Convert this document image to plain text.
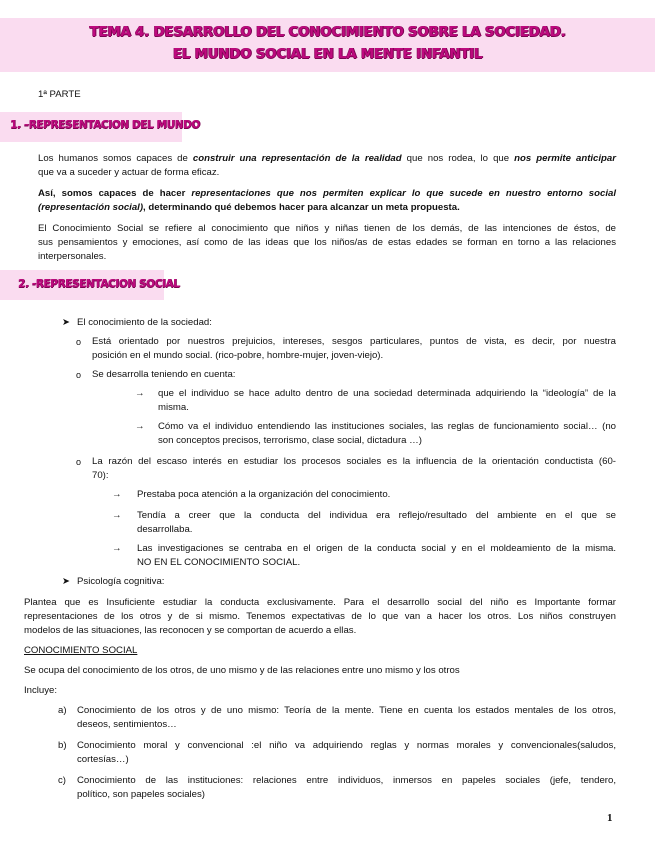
TEMA 4. DESARROLLO DEL CONOCIMIENTO SOBRE LA SOCIEDAD.
EL MUNDO SOCIAL EN LA MENTE INFANTIL
1ª PARTE
1. –REPRESENTACION DEL MUNDO
Los humanos somos capaces de construir una representación de la realidad que nos rodea, lo que nos permite anticipar
que va a suceder y actuar de forma eficaz.
Así, somos capaces de hacer representaciones que nos permiten explicar lo que sucede en nuestro entorno social
(representación social), determinando qué debemos hacer para alcanzar un meta propuesta.
El Conocimiento Social se refiere al conocimiento que niños y niñas tienen de los demás, de las intenciones de éstos, de
sus pensamientos y emociones, así como de las ideas que los niños/as de estas edades se forman en torno a las relaciones
interpersonales.
2. -REPRESENTACION SOCIAL
➤ El conocimiento de la sociedad:
o Está orientado por nuestros prejuicios, intereses, sesgos particulares, puntos de vista, es decir, por nuestra
posición en el mundo social. (rico-pobre, hombre-mujer, joven-viejo).
o Se desarrolla teniendo en cuenta:
→ que el individuo se hace adulto dentro de una sociedad determinada adquiriendo la “ideología” de la
misma.
→ Cómo va el individuo entendiendo las instituciones sociales, las reglas de funcionamiento social… (no
son conceptos precisos, terrorismo, clase social, dictadura …)
o La razón del escaso interés en estudiar los procesos sociales es la influencia de la orientación conductista (60-
70):
→ Prestaba poca atención a la organización del conocimiento.
→ Tendía a creer que la conducta del individua era reflejo/resultado del ambiente en el que se
desarrollaba.
→ Las investigaciones se centraba en el origen de la conducta social y en el moldeamiento de la misma.
NO EN EL CONOCIMIENTO SOCIAL.
➤ Psicología cognitiva:
Plantea que es Insuficiente estudiar la conducta exclusivamente. Para el desarrollo social del niño es Importante formar
representaciones de los otros y de si mismo. Tenemos expectativas de lo que van a hacer los otros. Los niños construyen
modelos de las situaciones, las reconocen y se comportan de acuerdo a ellas.
CONOCIMIENTO SOCIAL
Se ocupa del conocimiento de los otros, de uno mismo y de las relaciones entre uno mismo y los otros
Incluye:
a) Conocimiento de los otros y de uno mismo: Teoría de la mente. Tiene en cuenta los estados mentales de los otros,
deseos, sentimientos…
b) Conocimiento moral y convencional :el niño va adquiriendo reglas y normas morales y convencionales(saludos,
cortesías…)
c) Conocimiento de las instituciones: relaciones entre individuos, inmersos en papeles sociales (jefe, tendero,
político, son papeles sociales)
1
